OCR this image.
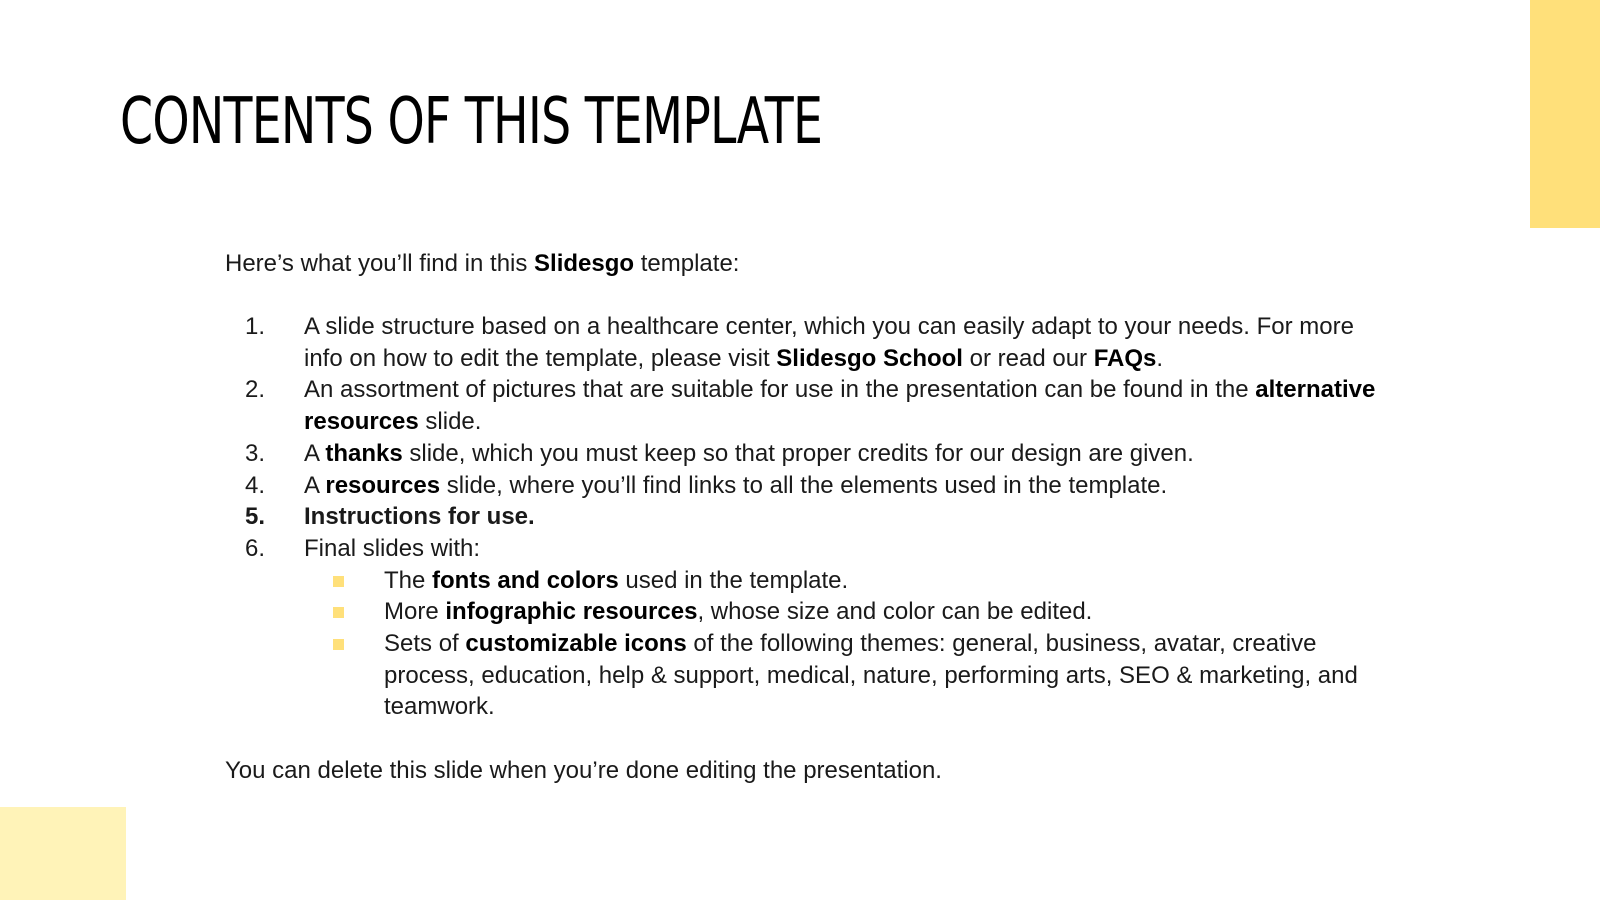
CONTENTS OF THIS TEMPLATE

Here’s what you’ll find in this Slidesgo template:

1. A slide structure based on a healthcare center, which you can easily adapt to your needs. For more info on how to edit the template, please visit Slidesgo School or read our FAQs.
2. An assortment of pictures that are suitable for use in the presentation can be found in the alternative resources slide.
3. A thanks slide, which you must keep so that proper credits for our design are given.
4. A resources slide, where you’ll find links to all the elements used in the template.
5. Instructions for use.
6. Final slides with:
The fonts and colors used in the template.
More infographic resources, whose size and color can be edited.
Sets of customizable icons of the following themes: general, business, avatar, creative process, education, help & support, medical, nature, performing arts, SEO & marketing, and teamwork.

You can delete this slide when you’re done editing the presentation.
